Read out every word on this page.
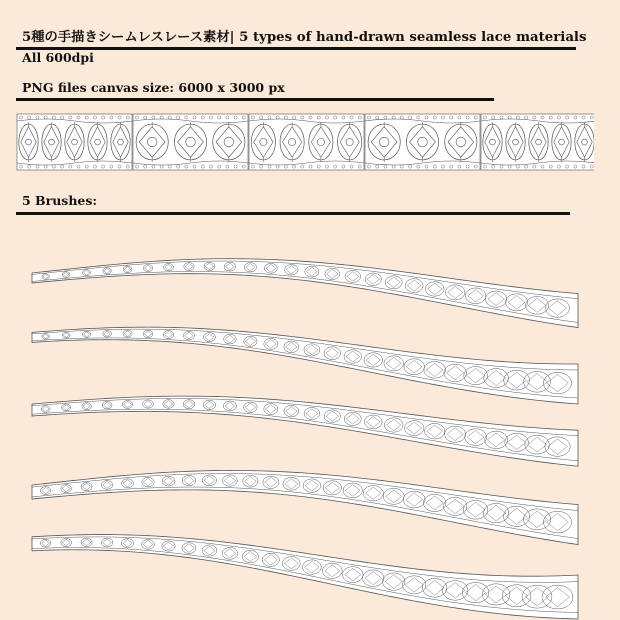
5種の手描きシームレスレース素材| 5 types of hand-drawn seamless lace materials
All 600dpi
PNG files canvas size: 6000 x 3000 px
5 Brushes:
